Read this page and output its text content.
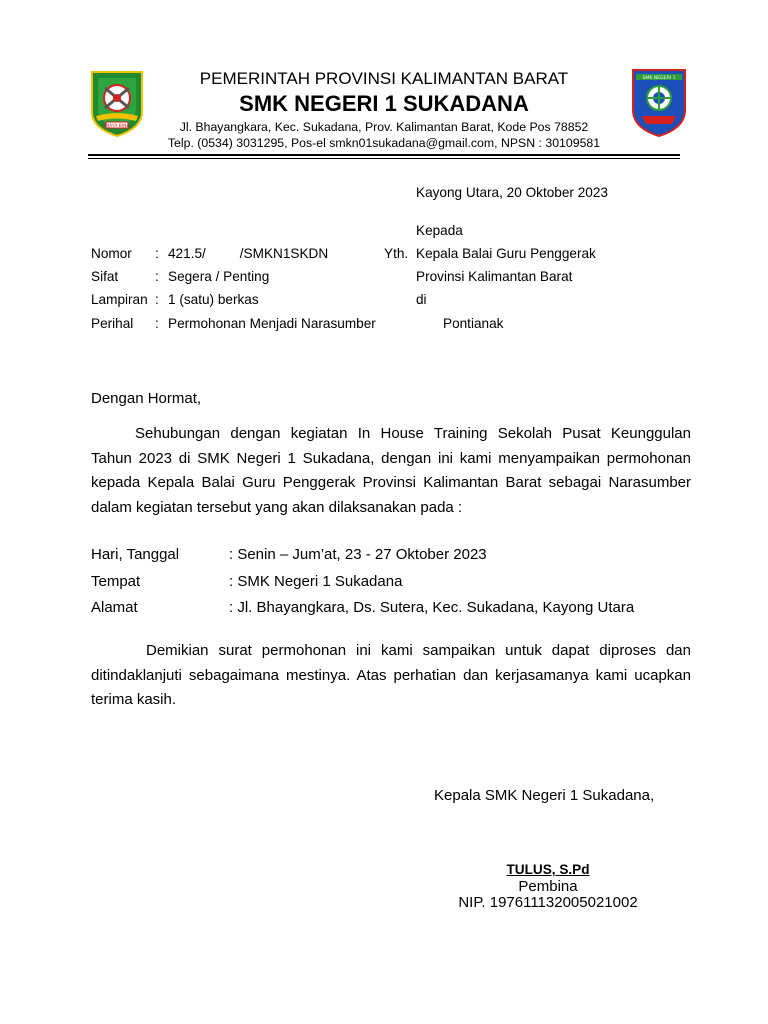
DJAYA BINA
SMK NEGERI 1
PEMERINTAH PROVINSI KALIMANTAN BARAT
SMK NEGERI 1 SUKADANA
Jl. Bhayangkara, Kec. Sukadana, Prov. Kalimantan Barat, Kode Pos 78852
Telp. (0534) 3031295, Pos-el smkn01sukadana@gmail.com, NPSN : 30109581
Kayong Utara, 20 Oktober 2023
Kepada
Nomor : 421.5/         /SMKN1SKDN	Yth. Kepala Balai Guru Penggerak
Sifat	: Segera / Penting	Provinsi Kalimantan Barat
Lampiran : 1 (satu) berkas	di
Perihal : Permohonan Menjadi Narasumber	Pontianak
Dengan Hormat,
Sehubungan dengan kegiatan In House Training Sekolah Pusat Keunggulan
Tahun 2023 di SMK Negeri 1 Sukadana, dengan ini kami menyampaikan permohonan
kepada Kepala Balai Guru Penggerak Provinsi Kalimantan Barat sebagai Narasumber
dalam kegiatan tersebut yang akan dilaksanakan pada :
Hari, Tanggal	: Senin – Jum’at, 23 - 27 Oktober 2023
Tempat	: SMK Negeri 1 Sukadana
Alamat	: Jl. Bhayangkara, Ds. Sutera, Kec. Sukadana, Kayong Utara
Demikian surat permohonan ini kami sampaikan untuk dapat diproses dan
ditindaklanjuti sebagaimana mestinya. Atas perhatian dan kerjasamanya kami ucapkan
terima kasih.
Kepala SMK Negeri 1 Sukadana,
TULUS, S.Pd
Pembina
NIP. 197611132005021002
